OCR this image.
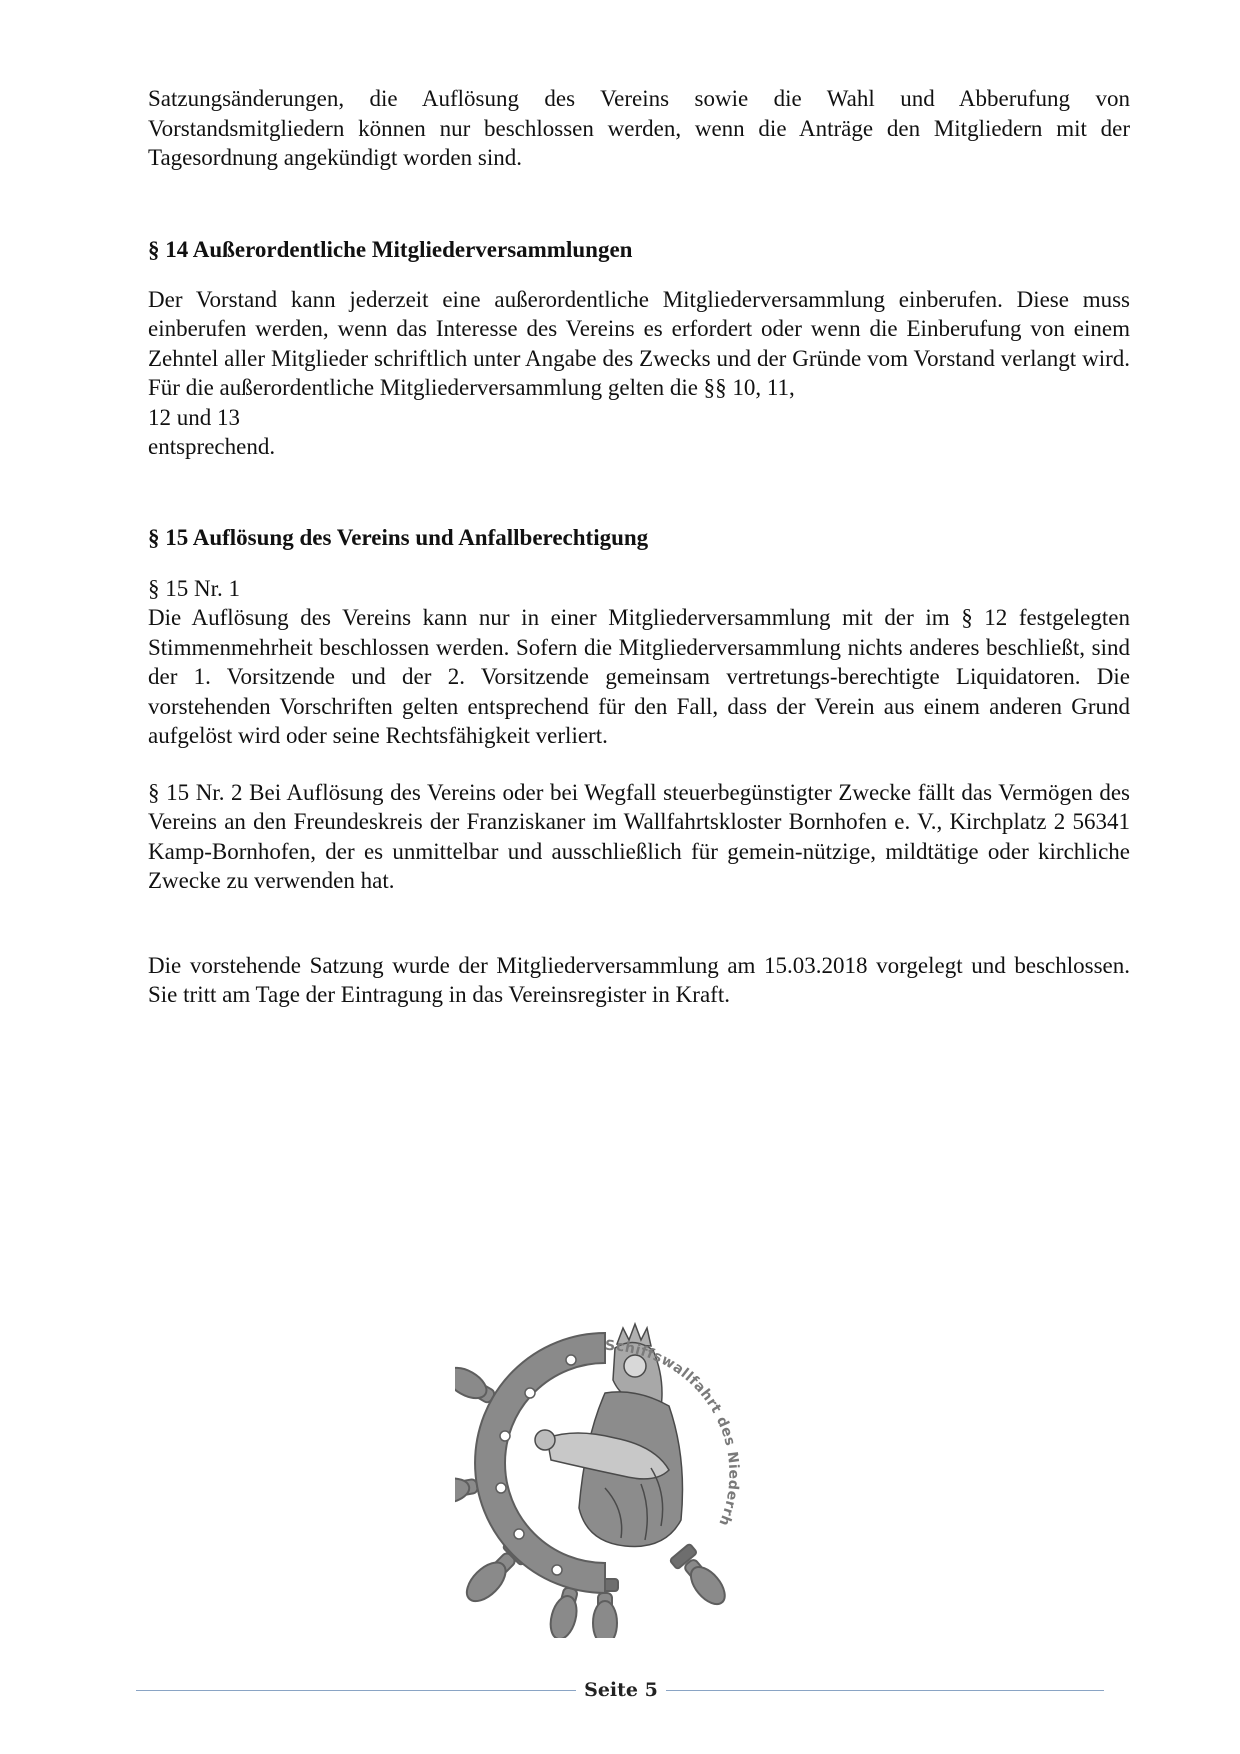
Satzungsänderungen, die Auflösung des Vereins sowie die Wahl und Abberufung von Vorstandsmitgliedern können nur beschlossen werden, wenn die Anträge den Mitgliedern mit der Tagesordnung angekündigt worden sind.

§ 14 Außerordentliche Mitgliederversammlungen

Der Vorstand kann jederzeit eine außerordentliche Mitgliederversammlung einberufen. Diese muss einberufen werden, wenn das Interesse des Vereins es erfordert oder wenn die Einberufung von einem Zehntel aller Mitglieder schriftlich unter Angabe des Zwecks und der Gründe vom Vorstand verlangt wird. Für die außerordentliche Mitgliederversammlung gelten die §§ 10, 11,
12 und 13
entsprechend.

§ 15 Auflösung des Vereins und Anfallberechtigung

§ 15 Nr. 1
Die Auflösung des Vereins kann nur in einer Mitgliederversammlung mit der im § 12 festgelegten Stimmenmehrheit beschlossen werden. Sofern die Mitgliederversammlung nichts anderes beschließt, sind der 1. Vorsitzende und der 2. Vorsitzende gemeinsam vertretungs-berechtigte Liquidatoren. Die vorstehenden Vorschriften gelten entsprechend für den Fall, dass der Verein aus einem anderen Grund aufgelöst wird oder seine Rechtsfähigkeit verliert.

§ 15 Nr. 2 Bei Auflösung des Vereins oder bei Wegfall steuerbegünstigter Zwecke fällt das Vermögen des Vereins an den Freundeskreis der Franziskaner im Wallfahrtskloster Bornhofen e. V., Kirchplatz 2 56341 Kamp-Bornhofen, der es unmittelbar und ausschließlich für gemein-nützige, mildtätige oder kirchliche Zwecke zu verwenden hat.

Die vorstehende Satzung wurde der Mitgliederversammlung am 15.03.2018 vorgelegt und beschlossen. Sie tritt am Tage der Eintragung in das Vereinsregister in Kraft.

Schiffswallfahrt des Niederrh
Seite 5
